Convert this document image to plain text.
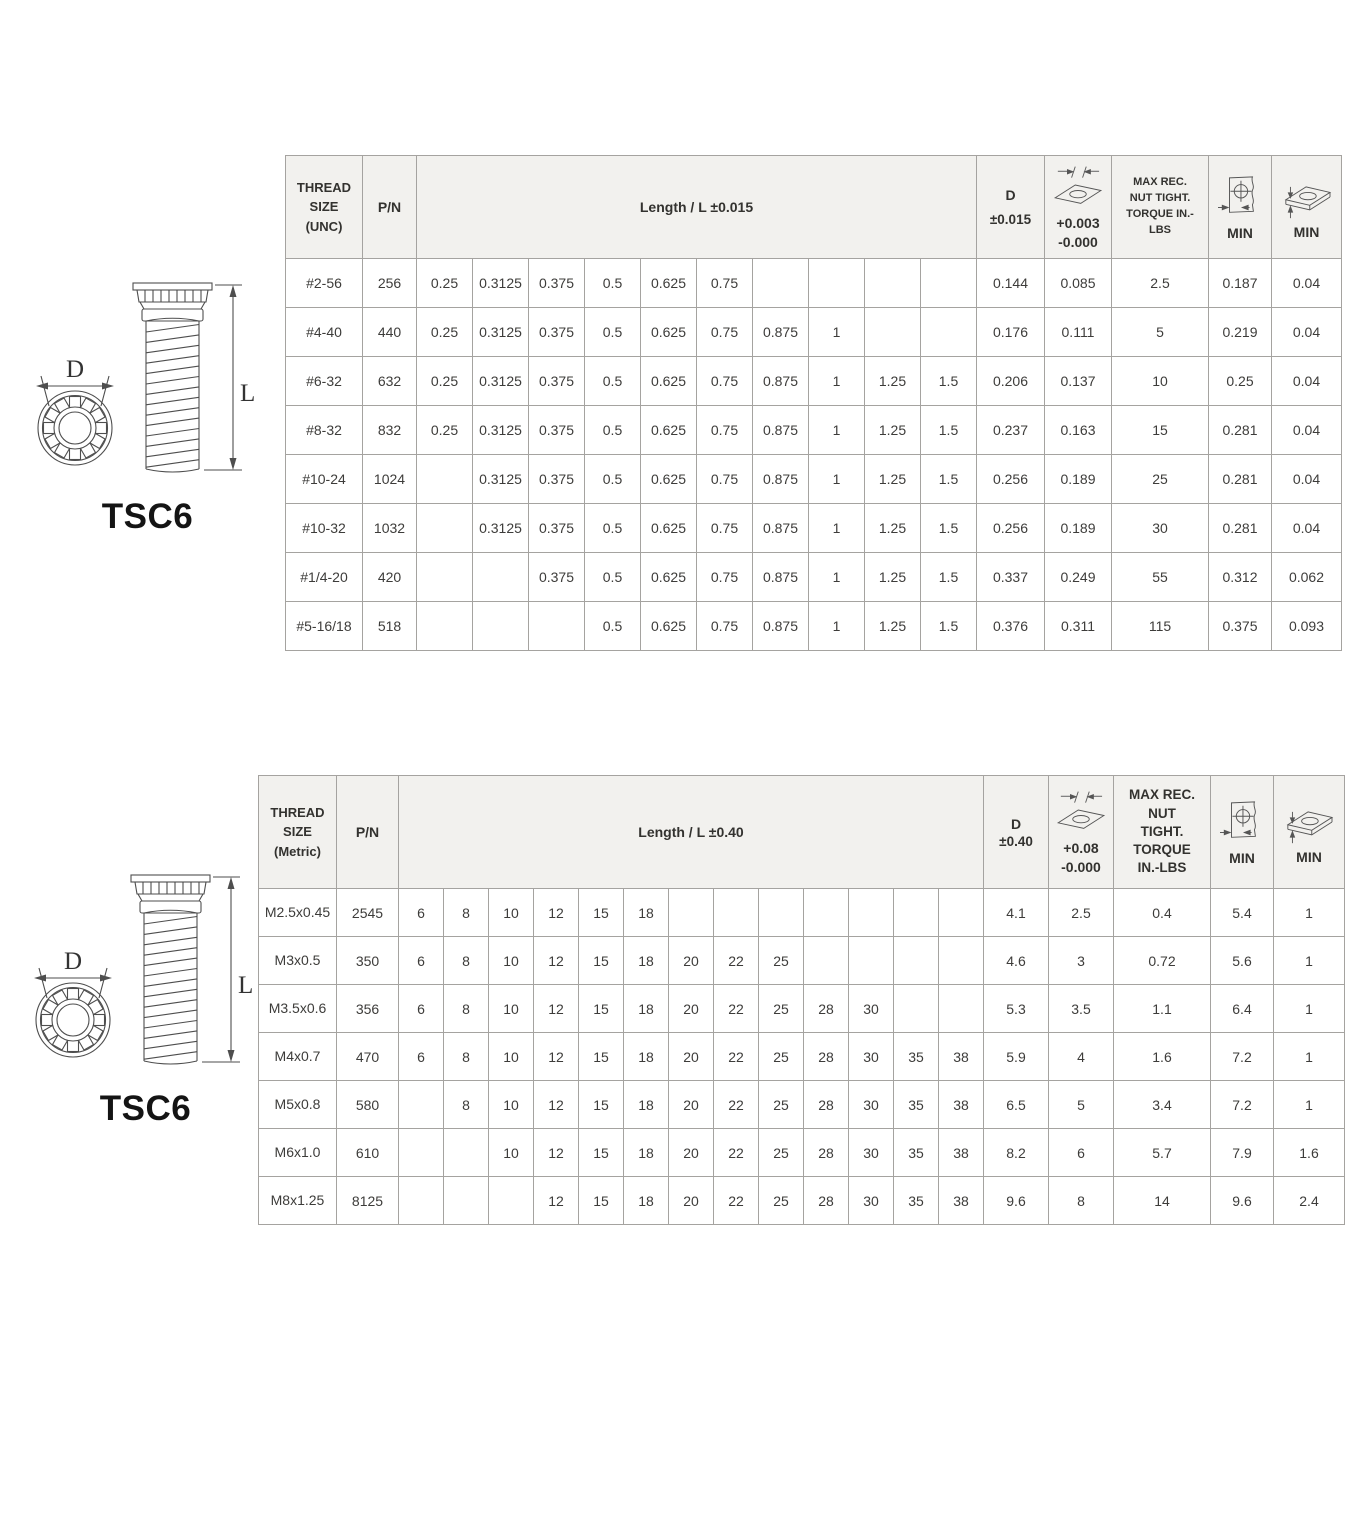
TSC6
TSC6
THREAD SIZE (UNC)	P/N	Length / L ±0.015										D
±0.015	+0.003 -0.000	MAX REC. NUT TIGHT. TORQUE IN.-LBS	MIN	MIN

#2-56	256	0.25	0.3125	0.375	0.5	0.625	0.75					0.144	0.085	2.5	0.187	0.04
#4-40	440	0.25	0.3125	0.375	0.5	0.625	0.75	0.875	1			0.176	0.111	5	0.219	0.04
#6-32	632	0.25	0.3125	0.375	0.5	0.625	0.75	0.875	1	1.25	1.5	0.206	0.137	10	0.25	0.04
#8-32	832	0.25	0.3125	0.375	0.5	0.625	0.75	0.875	1	1.25	1.5	0.237	0.163	15	0.281	0.04
#10-24	1024		0.3125	0.375	0.5	0.625	0.75	0.875	1	1.25	1.5	0.256	0.189	25	0.281	0.04
#10-32	1032		0.3125	0.375	0.5	0.625	0.75	0.875	1	1.25	1.5	0.256	0.189	30	0.281	0.04
#1/4-20	420			0.375	0.5	0.625	0.75	0.875	1	1.25	1.5	0.337	0.249	55	0.312	0.062
#5-16/18	518				0.5	0.625	0.75	0.875	1	1.25	1.5	0.376	0.311	115	0.375	0.093
THREAD SIZE (Metric)	P/N	Length / L ±0.40													D
±0.40	+0.08 -0.000	MAX REC. NUT TIGHT. TORQUE IN.-LBS	MIN	MIN

M2.5x0.45	2545	6	8	10	12	15	18								4.1	2.5	0.4	5.4	1
M3x0.5	350	6	8	10	12	15	18	20	22	25					4.6	3	0.72	5.6	1
M3.5x0.6	356	6	8	10	12	15	18	20	22	25	28	30			5.3	3.5	1.1	6.4	1
M4x0.7	470	6	8	10	12	15	18	20	22	25	28	30	35	38	5.9	4	1.6	7.2	1
M5x0.8	580		8	10	12	15	18	20	22	25	28	30	35	38	6.5	5	3.4	7.2	1
M6x1.0	610			10	12	15	18	20	22	25	28	30	35	38	8.2	6	5.7	7.9	1.6
M8x1.25	8125				12	15	18	20	22	25	28	30	35	38	9.6	8	14	9.6	2.4
